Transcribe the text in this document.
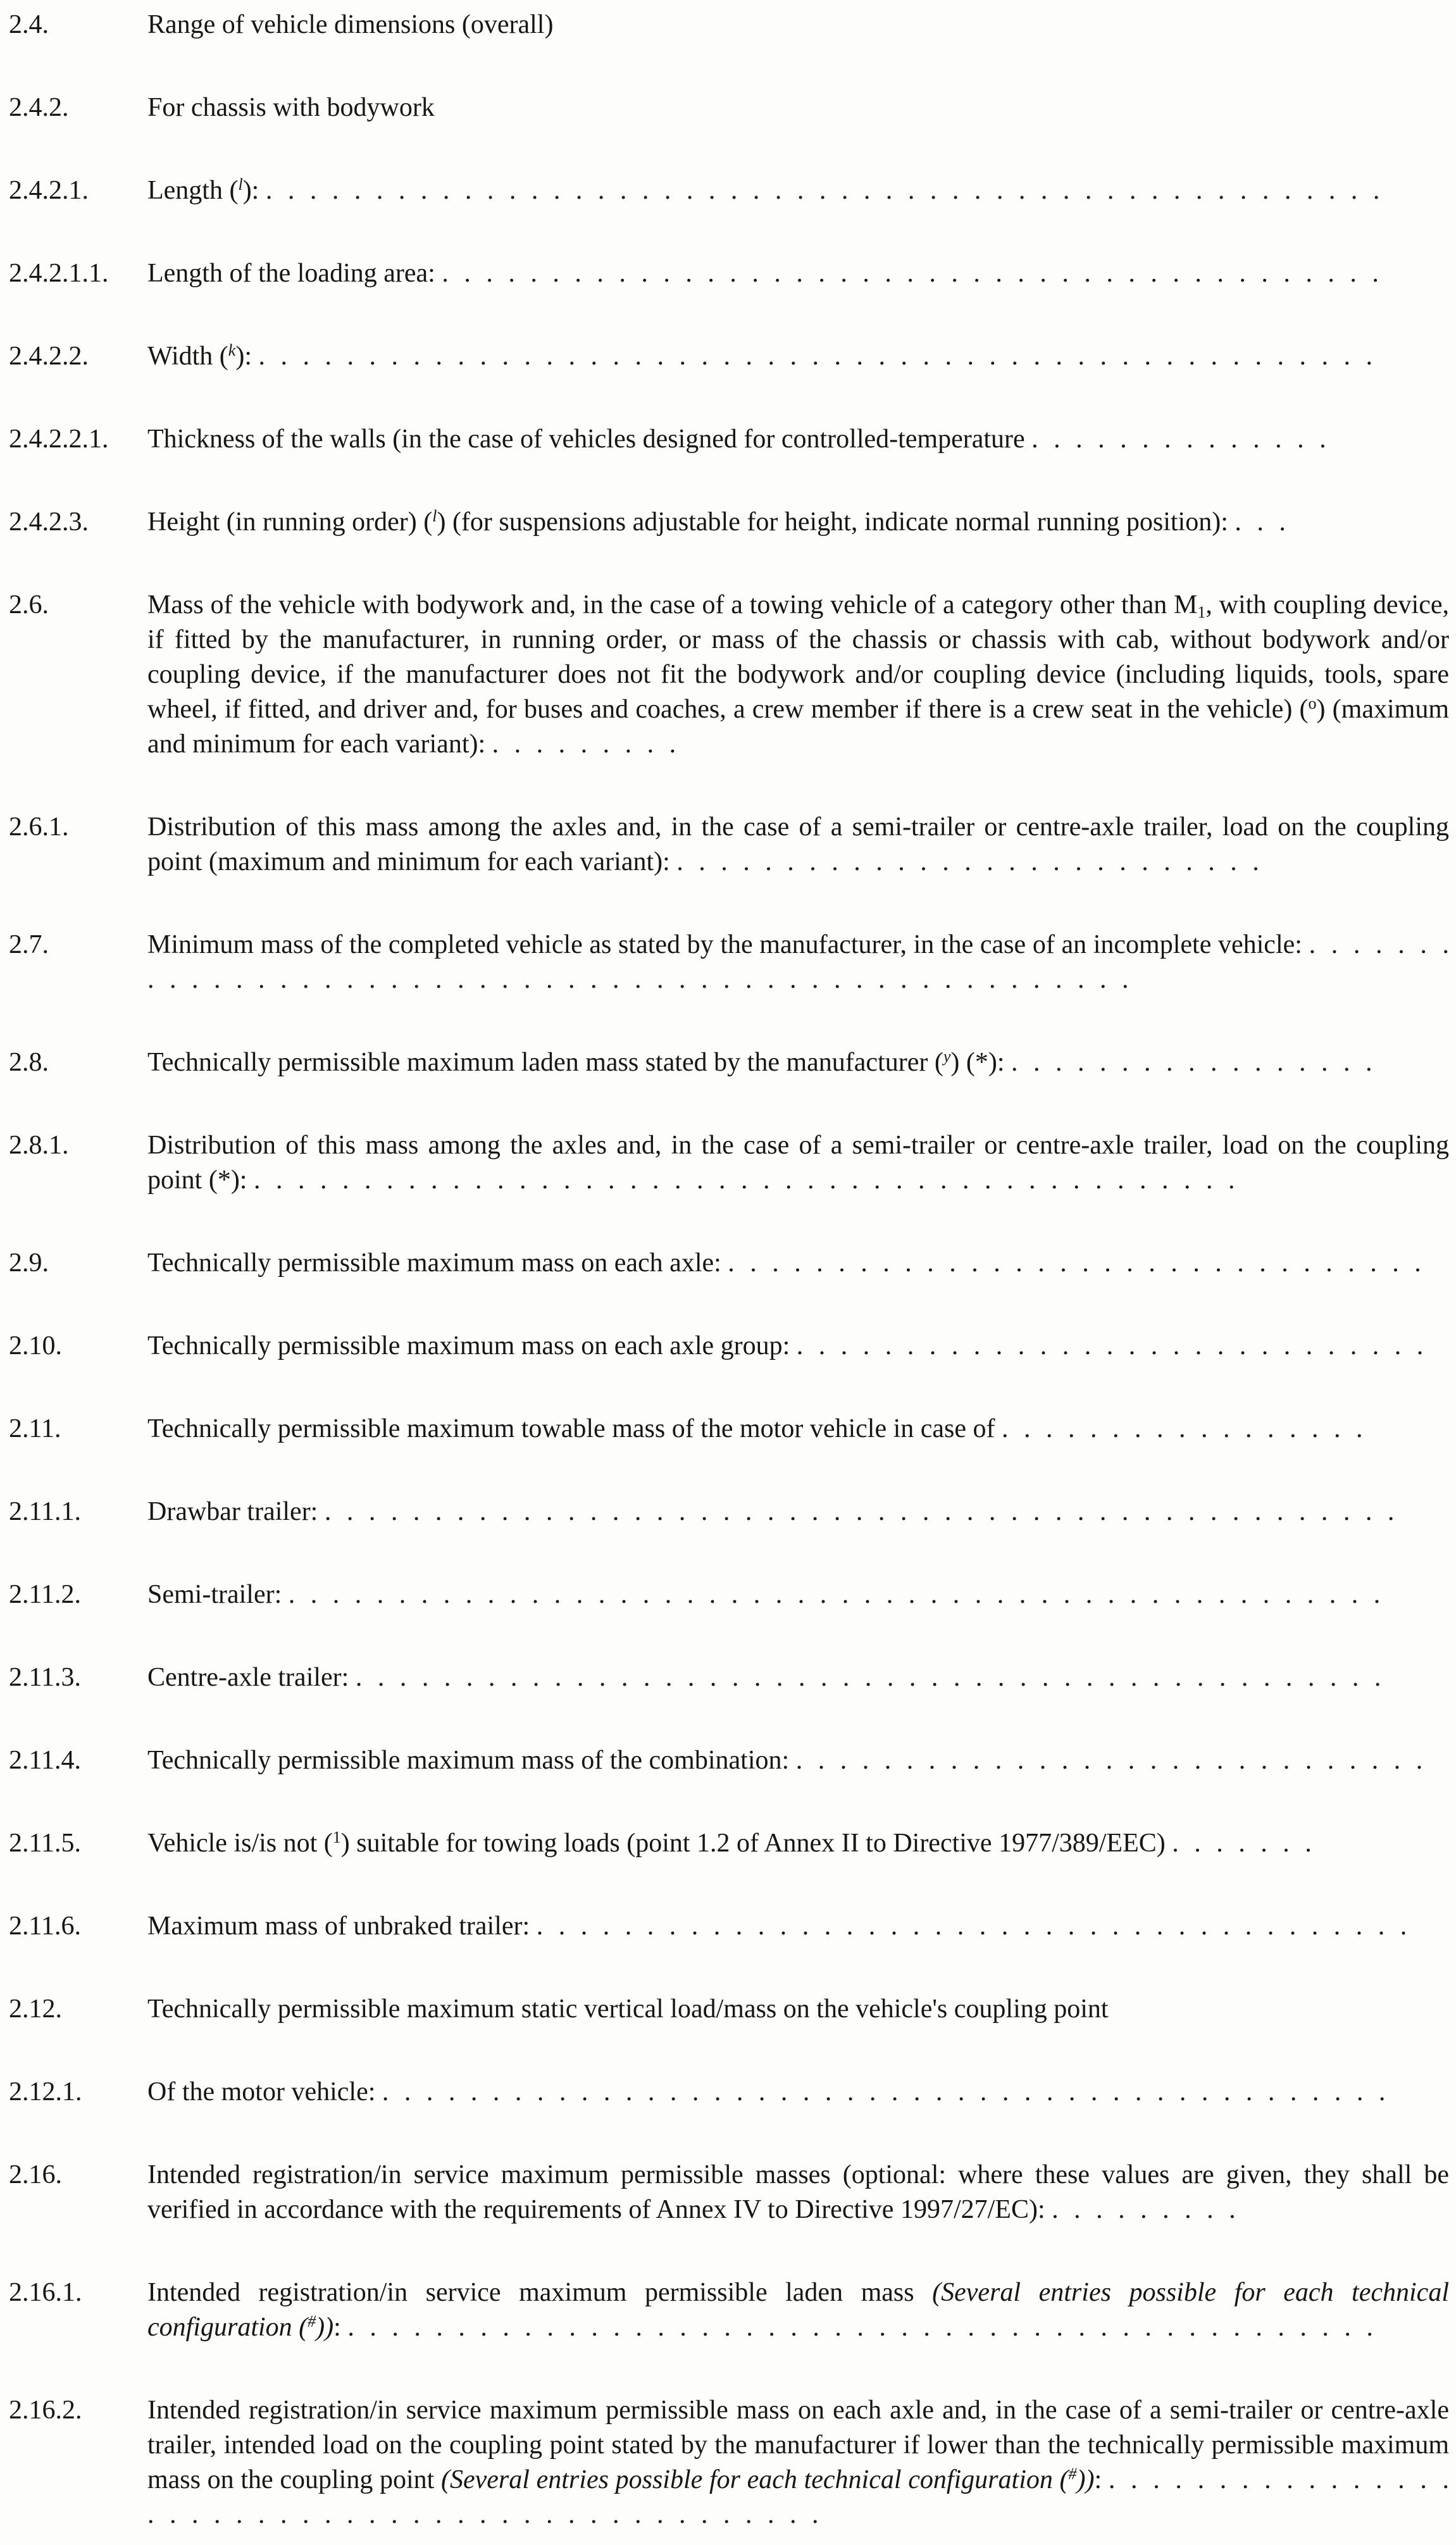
2.4.	Range of vehicle dimensions (overall)
2.4.2.	For chassis with bodywork
2.4.2.1.	Length (l): . . . . . . . . . . . . . . . . . . . . . . . . . . . . . . . . . . . . . . . . . . . . . . . . . . .
2.4.2.1.1.	Length of the loading area: . . . . . . . . . . . . . . . . . . . . . . . . . . . . . . . . . . . . . . . . . . .
2.4.2.2.	Width (k): . . . . . . . . . . . . . . . . . . . . . . . . . . . . . . . . . . . . . . . . . . . . . . . . . . .
2.4.2.2.1.	Thickness of the walls (in the case of vehicles designed for controlled-temperature . . . . . . . . . . . . . .
2.4.2.3.	Height (in running order) (l) (for suspensions adjustable for height, indicate normal running position): . . .
2.6.	Mass of the vehicle with bodywork and, in the case of a towing vehicle of a category other than M1, with coupling device, if fitted by the manufacturer, in running order, or mass of the chassis or chassis with cab, without bodywork and/or coupling device, if the manufacturer does not fit the bodywork and/or coupling device (including liquids, tools, spare wheel, if fitted, and driver and, for buses and coaches, a crew member if there is a crew seat in the vehicle) (o) (maximum and minimum for each variant): . . . . . . . . .
2.6.1.	Distribution of this mass among the axles and, in the case of a semi-trailer or centre-axle trailer, load on the coupling point (maximum and minimum for each variant): . . . . . . . . . . . . . . . . . . . . . . . . . . .
2.7.	Minimum mass of the completed vehicle as stated by the manufacturer, in the case of an incomplete vehicle: . . . . . . . . . . . . . . . . . . . . . . . . . . . . . . . . . . . . . . . . . . . . . . . . . . . .
2.8.	Technically permissible maximum laden mass stated by the manufacturer (y) (*): . . . . . . . . . . . . . . . . .
2.8.1.	Distribution of this mass among the axles and, in the case of a semi-trailer or centre-axle trailer, load on the coupling point (*): . . . . . . . . . . . . . . . . . . . . . . . . . . . . . . . . . . . . . . . . . . . . .
2.9.	Technically permissible maximum mass on each axle: . . . . . . . . . . . . . . . . . . . . . . . . . . . . . . . .
2.10.	Technically permissible maximum mass on each axle group: . . . . . . . . . . . . . . . . . . . . . . . . . . . . .
2.11.	Technically permissible maximum towable mass of the motor vehicle in case of . . . . . . . . . . . . . . . . .
2.11.1.	Drawbar trailer: . . . . . . . . . . . . . . . . . . . . . . . . . . . . . . . . . . . . . . . . . . . . . . . . .
2.11.2.	Semi-trailer: . . . . . . . . . . . . . . . . . . . . . . . . . . . . . . . . . . . . . . . . . . . . . . . . . .
2.11.3.	Centre-axle trailer: . . . . . . . . . . . . . . . . . . . . . . . . . . . . . . . . . . . . . . . . . . . . . . .
2.11.4.	Technically permissible maximum mass of the combination: . . . . . . . . . . . . . . . . . . . . . . . . . . . . .
2.11.5.	Vehicle is/is not (1) suitable for towing loads (point 1.2 of Annex II to Directive 1977/389/EEC) . . . . . . .
2.11.6.	Maximum mass of unbraked trailer: . . . . . . . . . . . . . . . . . . . . . . . . . . . . . . . . . . . . . . . .
2.12.	Technically permissible maximum static vertical load/mass on the vehicle's coupling point
2.12.1.	Of the motor vehicle: . . . . . . . . . . . . . . . . . . . . . . . . . . . . . . . . . . . . . . . . . . . . . .
2.16.	Intended registration/in service maximum permissible masses (optional: where these values are given, they shall be verified in accordance with the requirements of Annex IV to Directive 1997/27/EC): . . . . . . . . .
2.16.1.	Intended registration/in service maximum permissible laden mass (Several entries possible for each technical configuration (#)): . . . . . . . . . . . . . . . . . . . . . . . . . . . . . . . . . . . . . . . . . . . . . . .
2.16.2.	Intended registration/in service maximum permissible mass on each axle and, in the case of a semi-trailer or centre-axle trailer, intended load on the coupling point stated by the manufacturer if lower than the technically permissible maximum mass on the coupling point (Several entries possible for each technical configuration (#)): . . . . . . . . . . . . . . . . . . . . . . . . . . . . . . . . . . . . . . . . . . . . . . .
